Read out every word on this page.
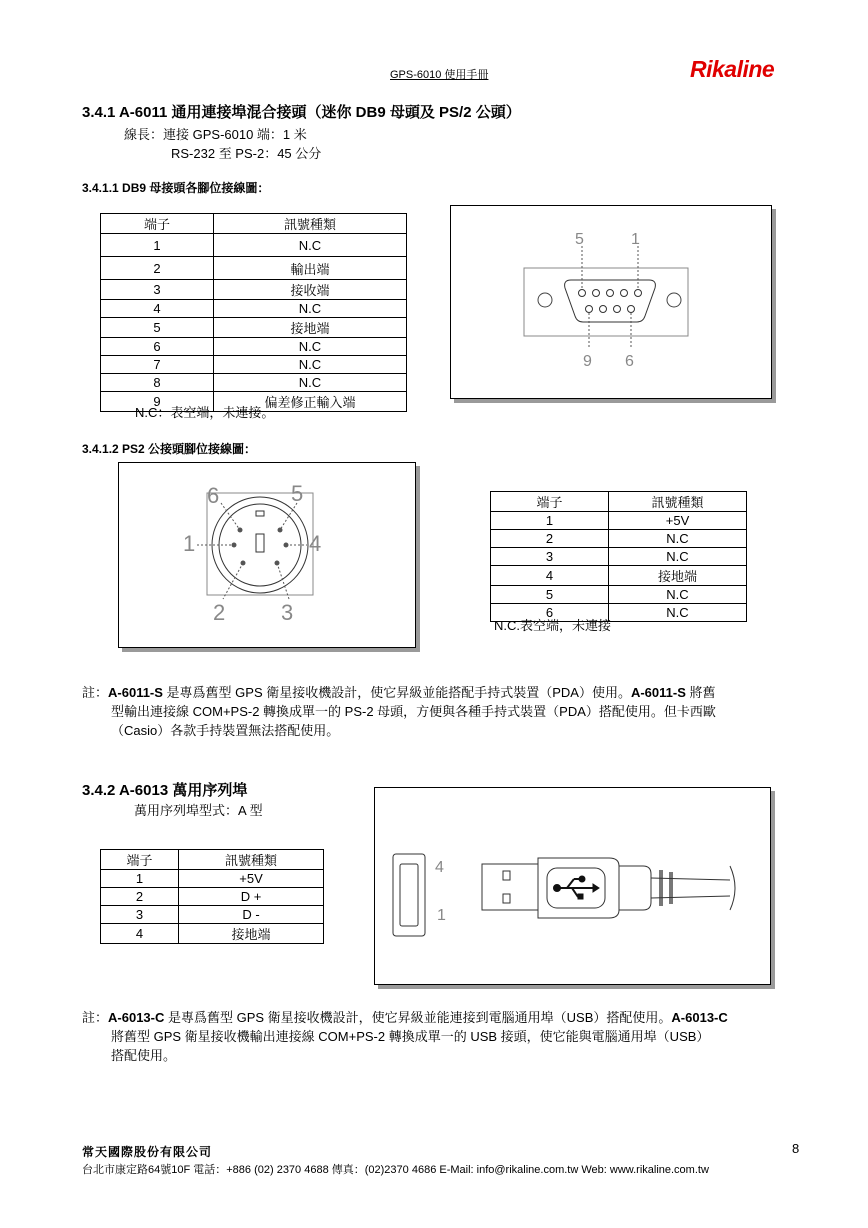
GPS-6010 使用手冊	Rikaline
3.4.1 A-6011 通用連接埠混合接頭（迷你 DB9 母頭及 PS/2 公頭）
線長：連接 GPS-6010 端：1 米
RS-232 至 PS-2：45 公分
3.4.1.1 DB9 母接頭各腳位接線圖：
端子	訊號種類
1	N.C
2	輸出端
3	接收端
4	N.C
5	接地端
6	N.C
7	N.C
8	N.C
9	偏差修正輸入端
N.C：表空端，未連接。
5	1
9 6
3.4.1.2 PS2 公接頭腳位接線圖：
6	5
1	4
2	3
端子	訊號種類
1	+5V
2	N.C
3	N.C
4	接地端
5	N.C
6	N.C
N.C.表空端，未連接
註：A-6011-S 是專爲舊型 GPS 衛星接收機設計，使它昇級並能搭配手持式裝置（PDA）使用。A-6011-S 將舊
型輸出連接線 COM+PS-2 轉換成單一的 PS-2 母頭，方便與各種手持式裝置（PDA）搭配使用。但卡西歐
（Casio）各款手持裝置無法搭配使用。
3.4.2 A-6013 萬用序列埠
萬用序列埠型式：A 型
端子	訊號種類
1	+5V
2	D +
3	D -
4	接地端
4
1
註：A-6013-C 是專爲舊型 GPS 衛星接收機設計，使它昇級並能連接到電腦通用埠（USB）搭配使用。A-6013-C
將舊型 GPS 衛星接收機輸出連接線 COM+PS-2 轉換成單一的 USB 接頭，使它能與電腦通用埠（USB）
搭配使用。
常天國際股份有限公司
台北市康定路64號10F 電話：+886 (02) 2370 4688 傳真：(02)2370 4686 E-Mail: info@rikaline.com.tw Web: www.rikaline.com.tw
8
